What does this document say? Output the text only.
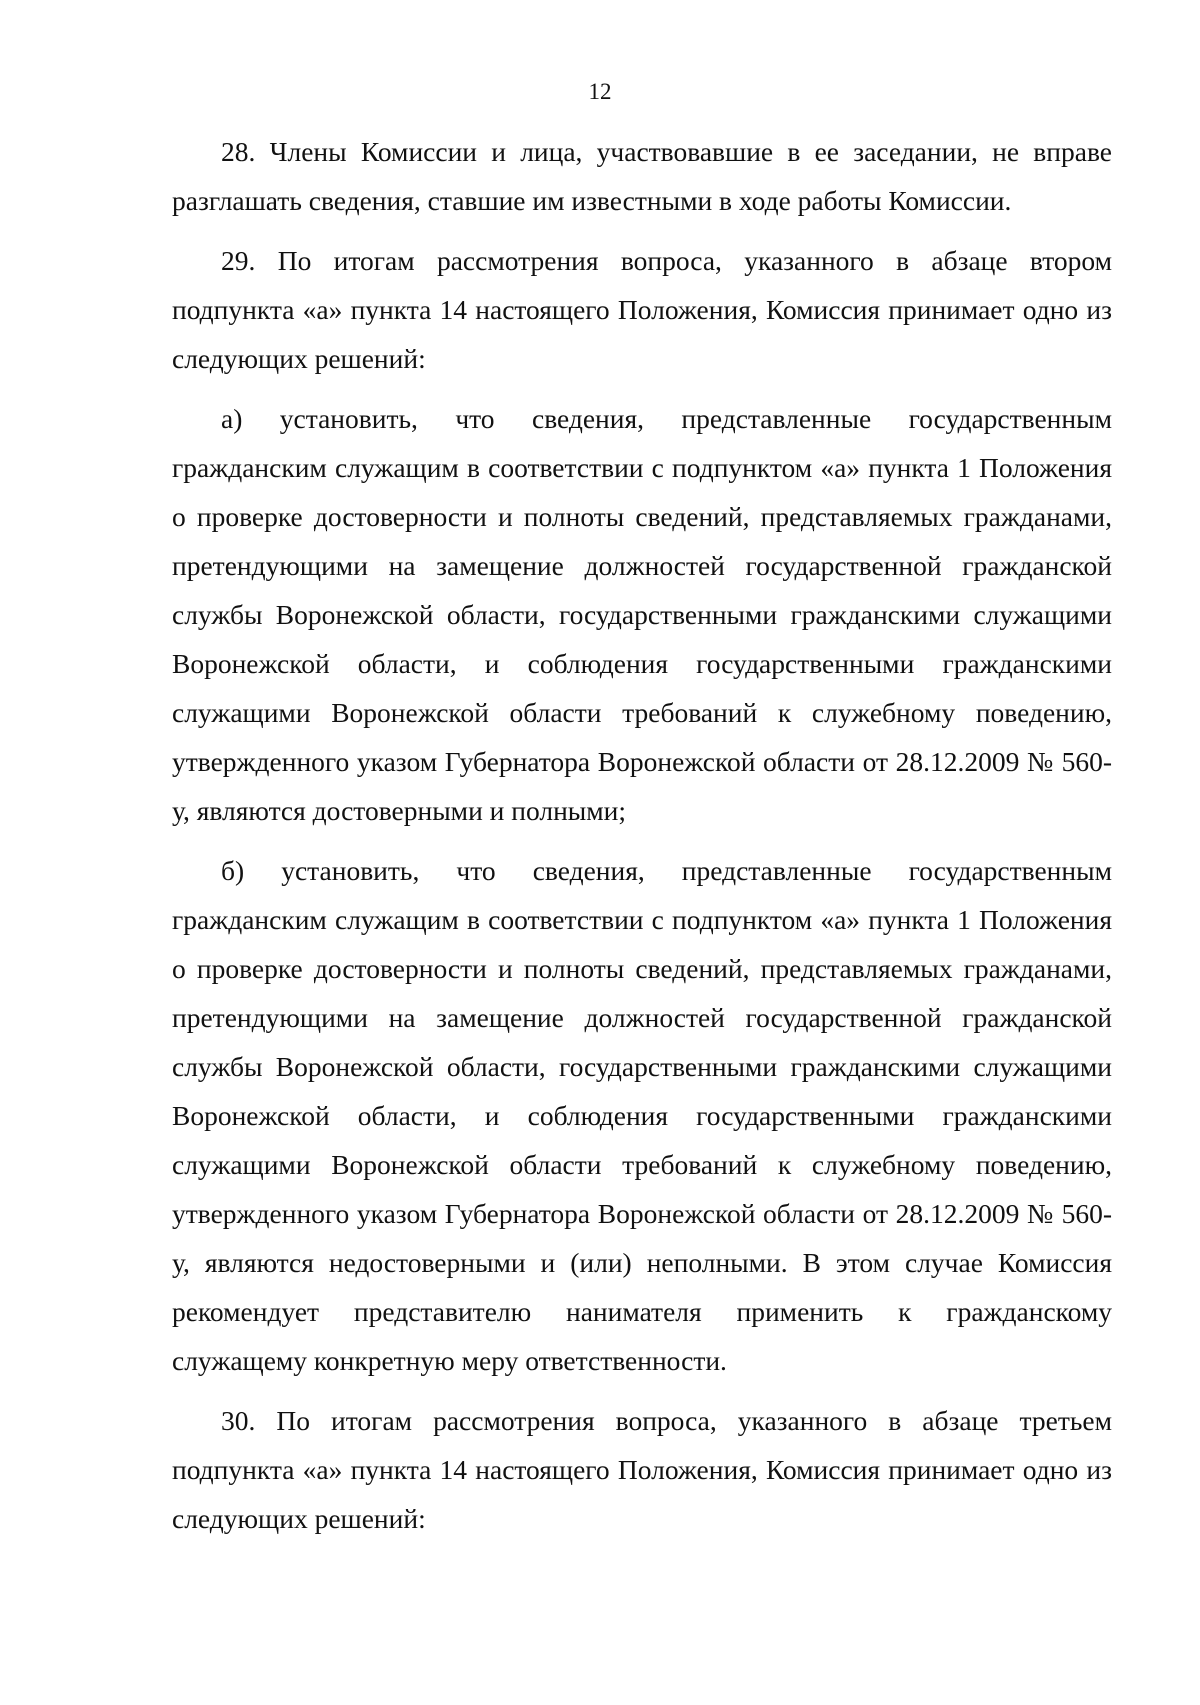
12

28. Члены Комиссии и лица, участвовавшие в ее заседании, не вправе разглашать сведения, ставшие им известными в ходе работы Комиссии.

29. По итогам рассмотрения вопроса, указанного в абзаце втором подпункта «а» пункта 14 настоящего Положения, Комиссия принимает одно из следующих решений:

а) установить, что сведения, представленные государственным гражданским служащим в соответствии с подпунктом «а» пункта 1 Положения о проверке достоверности и полноты сведений, представляемых гражданами, претендующими на замещение должностей государственной гражданской службы Воронежской области, государственными гражданскими служащими Воронежской области, и соблюдения государственными гражданскими служащими Воронежской области требований к служебному поведению, утвержденного указом Губернатора Воронежской области от 28.12.2009 № 560-у, являются достоверными и полными;

б) установить, что сведения, представленные государственным гражданским служащим в соответствии с подпунктом «а» пункта 1 Положения о проверке достоверности и полноты сведений, представляемых гражданами, претендующими на замещение должностей государственной гражданской службы Воронежской области, государственными гражданскими служащими Воронежской области, и соблюдения государственными гражданскими служащими Воронежской области требований к служебному поведению, утвержденного указом Губернатора Воронежской области от 28.12.2009 № 560-у, являются недостоверными и (или) неполными. В этом случае Комиссия рекомендует представителю нанимателя применить к гражданскому служащему конкретную меру ответственности.

30. По итогам рассмотрения вопроса, указанного в абзаце третьем подпункта «а» пункта 14 настоящего Положения, Комиссия принимает одно из следующих решений:
